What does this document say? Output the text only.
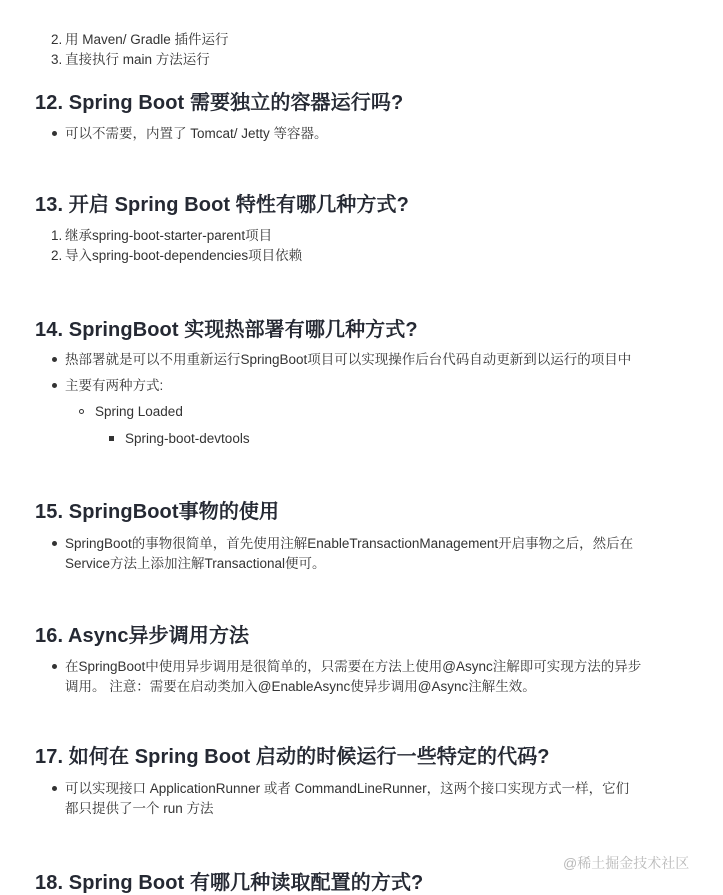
2. 用 Maven/ Gradle 插件运行
3. 直接执行 main 方法运行
12. Spring Boot 需要独立的容器运行吗?
可以不需要，内置了 Tomcat/ Jetty 等容器。
13. 开启 Spring Boot 特性有哪几种方式?
1. 继承spring-boot-starter-parent项目
2. 导入spring-boot-dependencies项目依赖
14. SpringBoot 实现热部署有哪几种方式?
热部署就是可以不用重新运行SpringBoot项目可以实现操作后台代码自动更新到以运行的项目中
主要有两种方式:
Spring Loaded
Spring-boot-devtools
15. SpringBoot事物的使用
SpringBoot的事物很简单，首先使用注解EnableTransactionManagement开启事物之后，然后在
Service方法上添加注解Transactional便可。
16. Async异步调用方法
在SpringBoot中使用异步调用是很简单的，只需要在方法上使用@Async注解即可实现方法的异步
调用。 注意：需要在启动类加入@EnableAsync使异步调用@Async注解生效。
17. 如何在 Spring Boot 启动的时候运行一些特定的代码?
可以实现接口 ApplicationRunner 或者 CommandLineRunner，这两个接口实现方式一样，它们
都只提供了一个 run 方法
@稀土掘金技术社区
18. Spring Boot 有哪几种读取配置的方式?
